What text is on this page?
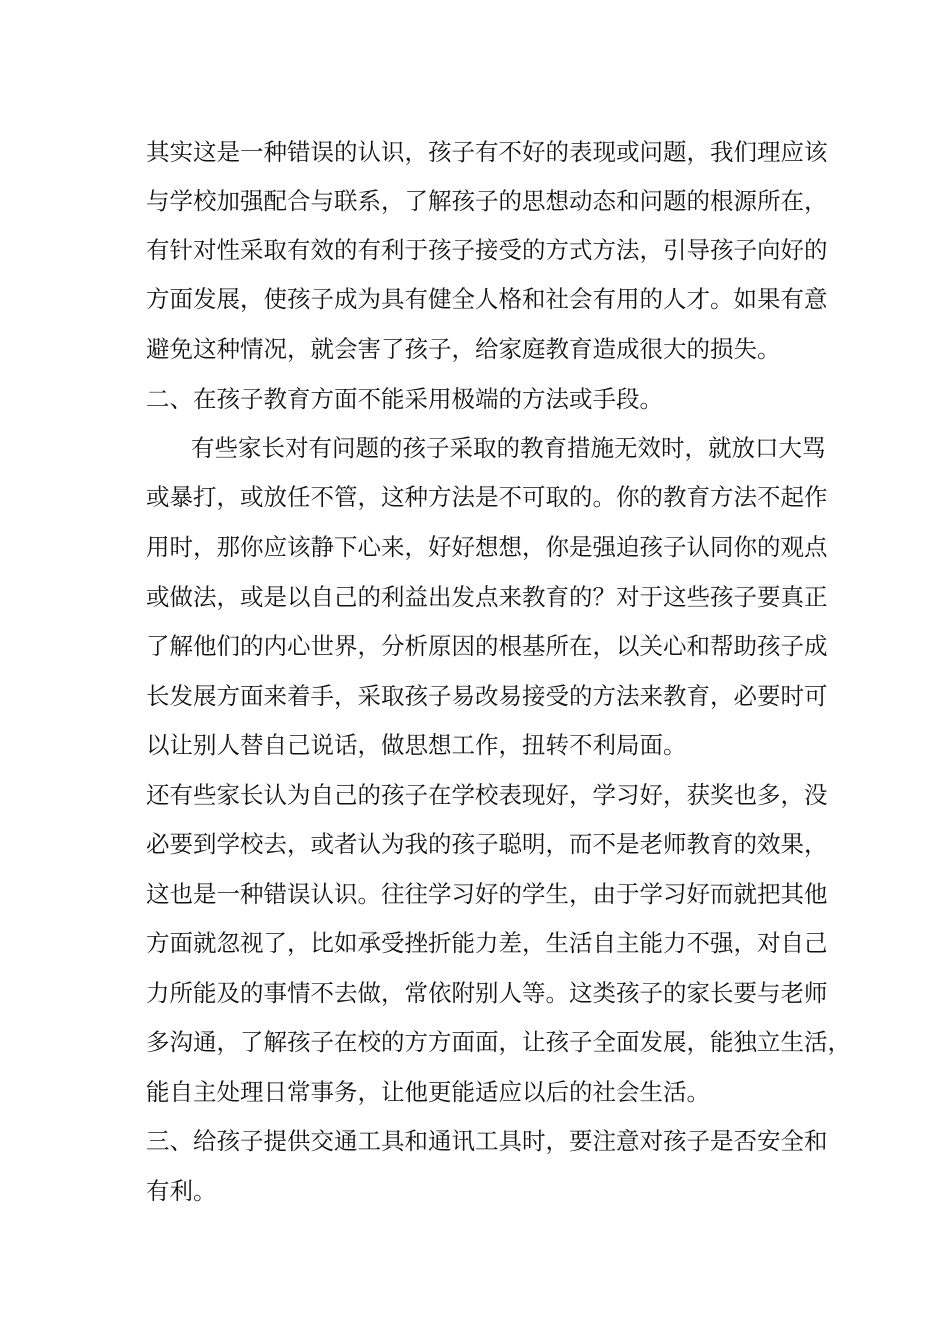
其实这是一种错误的认识，孩子有不好的表现或问题，我们理应该

与学校加强配合与联系，了解孩子的思想动态和问题的根源所在，

有针对性采取有效的有利于孩子接受的方式方法，引导孩子向好的

方面发展，使孩子成为具有健全人格和社会有用的人才。如果有意

避免这种情况，就会害了孩子，给家庭教育造成很大的损失。

二、在孩子教育方面不能采用极端的方法或手段。

有些家长对有问题的孩子采取的教育措施无效时，就放口大骂

或暴打，或放任不管，这种方法是不可取的。你的教育方法不起作

用时，那你应该静下心来，好好想想，你是强迫孩子认同你的观点

或做法，或是以自己的利益出发点来教育的？对于这些孩子要真正

了解他们的内心世界，分析原因的根基所在，以关心和帮助孩子成

长发展方面来着手，采取孩子易改易接受的方法来教育，必要时可

以让别人替自己说话，做思想工作，扭转不利局面。

还有些家长认为自己的孩子在学校表现好，学习好，获奖也多，没

必要到学校去，或者认为我的孩子聪明，而不是老师教育的效果，

这也是一种错误认识。往往学习好的学生，由于学习好而就把其他

方面就忽视了，比如承受挫折能力差，生活自主能力不强，对自己

力所能及的事情不去做，常依附别人等。这类孩子的家长要与老师

多沟通，了解孩子在校的方方面面，让孩子全面发展，能独立生活，

能自主处理日常事务，让他更能适应以后的社会生活。

三、给孩子提供交通工具和通讯工具时，要注意对孩子是否安全和

有利。
